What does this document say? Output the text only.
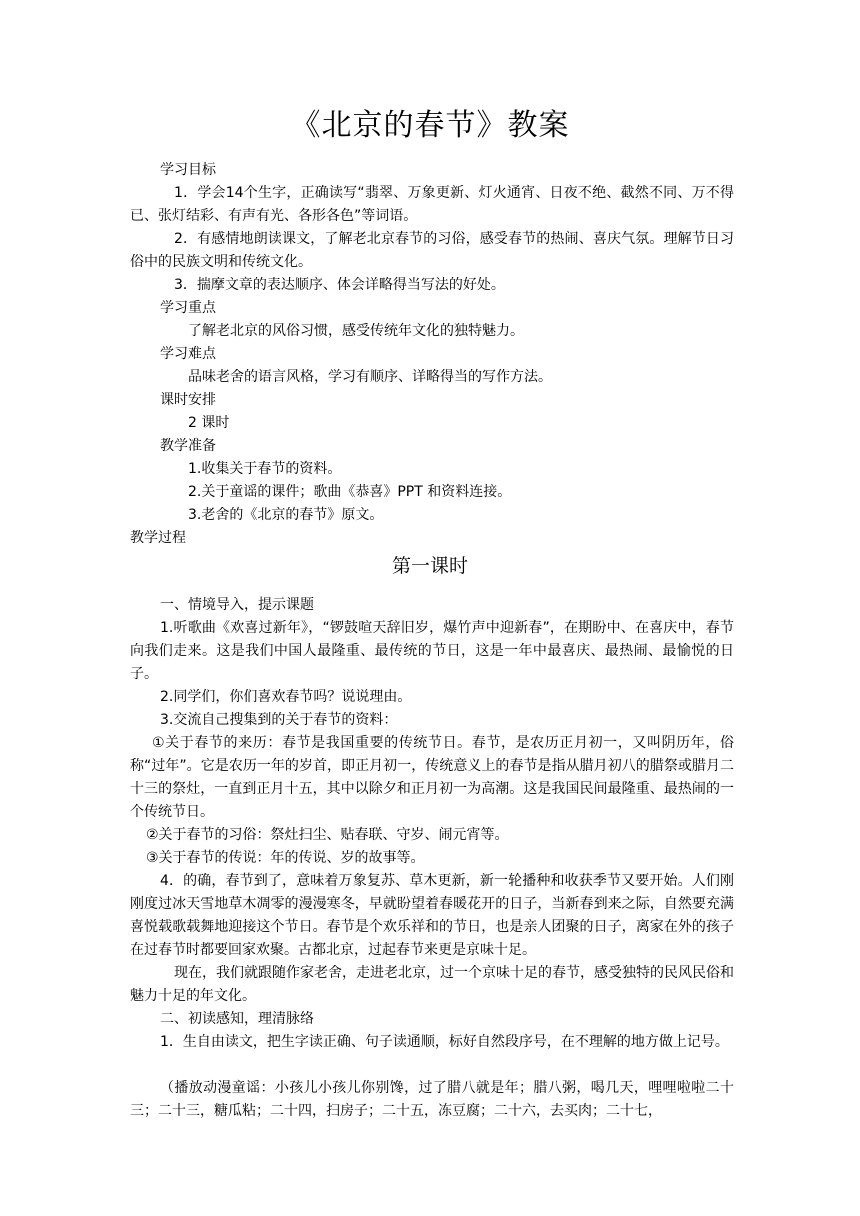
《北京的春节》教案

学习目标

1．学会14个生字，正确读写“翡翠、万象更新、灯火通宵、日夜不绝、截然不同、万不得已、张灯结彩、有声有光、各形各色”等词语。

2．有感情地朗读课文，了解老北京春节的习俗，感受春节的热闹、喜庆气氛。理解节日习俗中的民族文明和传统文化。

3．揣摩文章的表达顺序、体会详略得当写法的好处。

学习重点

了解老北京的风俗习惯，感受传统年文化的独特魅力。

学习难点

品味老舍的语言风格，学习有顺序、详略得当的写作方法。

课时安排

2 课时

教学准备

1.收集关于春节的资料。

2.关于童谣的课件；歌曲《恭喜》PPT 和资料连接。

3.老舍的《北京的春节》原文。

教学过程

第一课时

一、情境导入，提示课题

1.听歌曲《欢喜过新年》，“锣鼓喧天辞旧岁，爆竹声中迎新春”，在期盼中、在喜庆中，春节向我们走来。这是我们中国人最隆重、最传统的节日，这是一年中最喜庆、最热闹、最愉悦的日子。

2.同学们，你们喜欢春节吗？说说理由。

3.交流自己搜集到的关于春节的资料：

①关于春节的来历：春节是我国重要的传统节日。春节，是农历正月初一，又叫阴历年，俗称“过年”。它是农历一年的岁首，即正月初一，传统意义上的春节是指从腊月初八的腊祭或腊月二十三的祭灶，一直到正月十五，其中以除夕和正月初一为高潮。这是我国民间最隆重、最热闹的一个传统节日。

②关于春节的习俗：祭灶扫尘、贴春联、守岁、闹元宵等。

③关于春节的传说：年的传说、岁的故事等。

4．的确，春节到了，意味着万象复苏、草木更新，新一轮播种和收获季节又要开始。人们刚刚度过冰天雪地草木凋零的漫漫寒冬，早就盼望着春暖花开的日子，当新春到来之际，自然要充满喜悦载歌载舞地迎接这个节日。春节是个欢乐祥和的节日，也是亲人团聚的日子，离家在外的孩子在过春节时都要回家欢聚。古都北京，过起春节来更是京味十足。

现在，我们就跟随作家老舍，走进老北京，过一个京味十足的春节，感受独特的民风民俗和魅力十足的年文化。

二、初读感知，理清脉络

1．生自由读文，把生字读正确、句子读通顺，标好自然段序号，在不理解的地方做上记号。

（播放动漫童谣：小孩儿小孩儿你别馋，过了腊八就是年；腊八粥，喝几天，哩哩啦啦二十三；二十三，糖瓜粘；二十四，扫房子；二十五，冻豆腐；二十六，去买肉；二十七，
